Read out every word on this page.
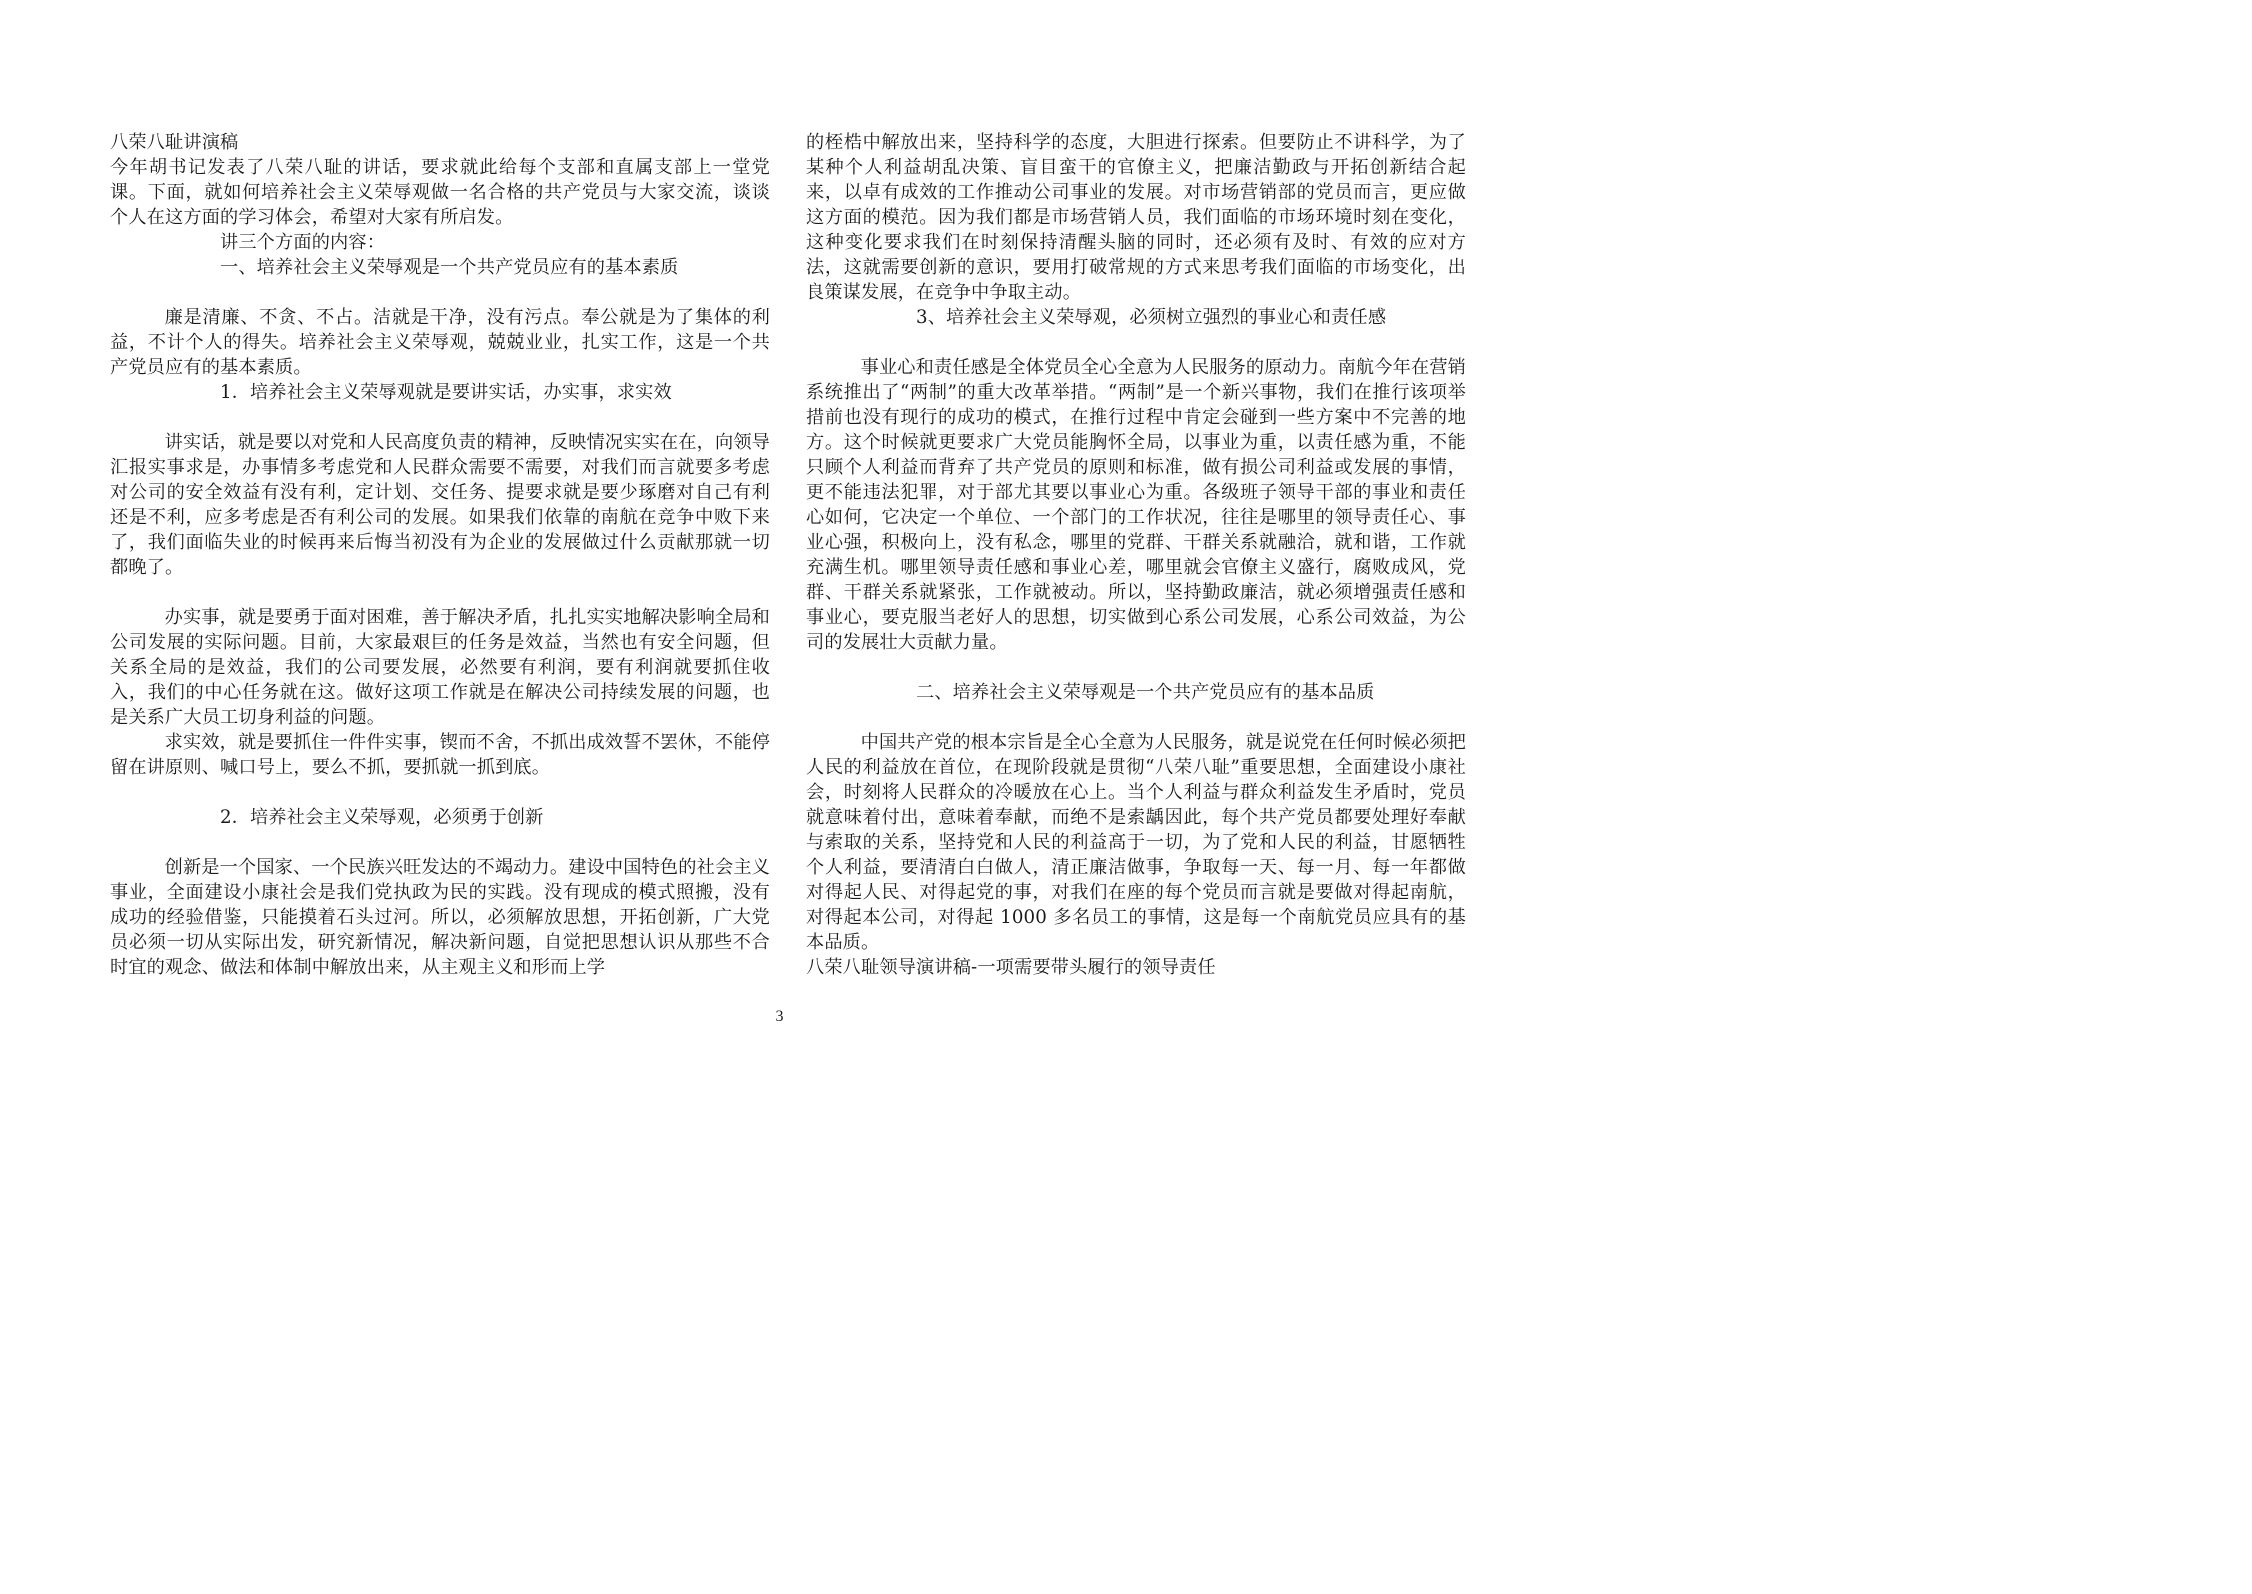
八荣八耻讲演稿

今年胡书记发表了八荣八耻的讲话，要求就此给每个支部和直属支部上一堂党课。下面，就如何培养社会主义荣辱观做一名合格的共产党员与大家交流，谈谈个人在这方面的学习体会，希望对大家有所启发。

讲三个方面的内容：

一、培养社会主义荣辱观是一个共产党员应有的基本素质

廉是清廉、不贪、不占。洁就是干净，没有污点。奉公就是为了集体的利益，不计个人的得失。培养社会主义荣辱观，兢兢业业，扎实工作，这是一个共产党员应有的基本素质。

1．培养社会主义荣辱观就是要讲实话，办实事，求实效

讲实话，就是要以对党和人民高度负责的精神，反映情况实实在在，向领导汇报实事求是，办事情多考虑党和人民群众需要不需要，对我们而言就要多考虑对公司的安全效益有没有利，定计划、交任务、提要求就是要少琢磨对自己有利还是不利，应多考虑是否有利公司的发展。如果我们依靠的南航在竞争中败下来了，我们面临失业的时候再来后悔当初没有为企业的发展做过什么贡献那就一切都晚了。

办实事，就是要勇于面对困难，善于解决矛盾，扎扎实实地解决影响全局和公司发展的实际问题。目前，大家最艰巨的任务是效益，当然也有安全问题，但关系全局的是效益，我们的公司要发展，必然要有利润，要有利润就要抓住收入，我们的中心任务就在这。做好这项工作就是在解决公司持续发展的问题，也是关系广大员工切身利益的问题。

求实效，就是要抓住一件件实事，锲而不舍，不抓出成效誓不罢休，不能停留在讲原则、喊口号上，要么不抓，要抓就一抓到底。

2．培养社会主义荣辱观，必须勇于创新

创新是一个国家、一个民族兴旺发达的不竭动力。建设中国特色的社会主义事业，全面建设小康社会是我们党执政为民的实践。没有现成的模式照搬，没有成功的经验借鉴，只能摸着石头过河。所以，必须解放思想，开拓创新，广大党员必须一切从实际出发，研究新情况，解决新问题，自觉把思想认识从那些不合时宜的观念、做法和体制中解放出来，从主观主义和形而上学

的桎梏中解放出来，坚持科学的态度，大胆进行探索。但要防止不讲科学，为了某种个人利益胡乱决策、盲目蛮干的官僚主义，把廉洁勤政与开拓创新结合起来，以卓有成效的工作推动公司事业的发展。对市场营销部的党员而言，更应做这方面的模范。因为我们都是市场营销人员，我们面临的市场环境时刻在变化，这种变化要求我们在时刻保持清醒头脑的同时，还必须有及时、有效的应对方法，这就需要创新的意识，要用打破常规的方式来思考我们面临的市场变化，出良策谋发展，在竞争中争取主动。

3、培养社会主义荣辱观，必须树立强烈的事业心和责任感

事业心和责任感是全体党员全心全意为人民服务的原动力。南航今年在营销系统推出了“两制”的重大改革举措。“两制”是一个新兴事物，我们在推行该项举措前也没有现行的成功的模式，在推行过程中肯定会碰到一些方案中不完善的地方。这个时候就更要求广大党员能胸怀全局，以事业为重，以责任感为重，不能只顾个人利益而背弃了共产党员的原则和标准，做有损公司利益或发展的事情，更不能违法犯罪，对于部尤其要以事业心为重。各级班子领导干部的事业和责任心如何，它决定一个单位、一个部门的工作状况，往往是哪里的领导责任心、事业心强，积极向上，没有私念，哪里的党群、干群关系就融洽，就和谐，工作就充满生机。哪里领导责任感和事业心差，哪里就会官僚主义盛行，腐败成风，党群、干群关系就紧张，工作就被动。所以，坚持勤政廉洁，就必须增强责任感和事业心，要克服当老好人的思想，切实做到心系公司发展，心系公司效益，为公司的发展壮大贡献力量。

二、培养社会主义荣辱观是一个共产党员应有的基本品质

中国共产党的根本宗旨是全心全意为人民服务，就是说党在任何时候必须把人民的利益放在首位，在现阶段就是贯彻“八荣八耻”重要思想，全面建设小康社会，时刻将人民群众的冷暖放在心上。当个人利益与群众利益发生矛盾时，党员就意味着付出，意味着奉献，而绝不是索龋因此，每个共产党员都要处理好奉献与索取的关系，坚持党和人民的利益高于一切，为了党和人民的利益，甘愿牺牲个人利益，要清清白白做人，清正廉洁做事，争取每一天、每一月、每一年都做对得起人民、对得起党的事，对我们在座的每个党员而言就是要做对得起南航，对得起本公司，对得起 1000 多名员工的事情，这是每一个南航党员应具有的基本品质。

八荣八耻领导演讲稿-一项需要带头履行的领导责任

3
